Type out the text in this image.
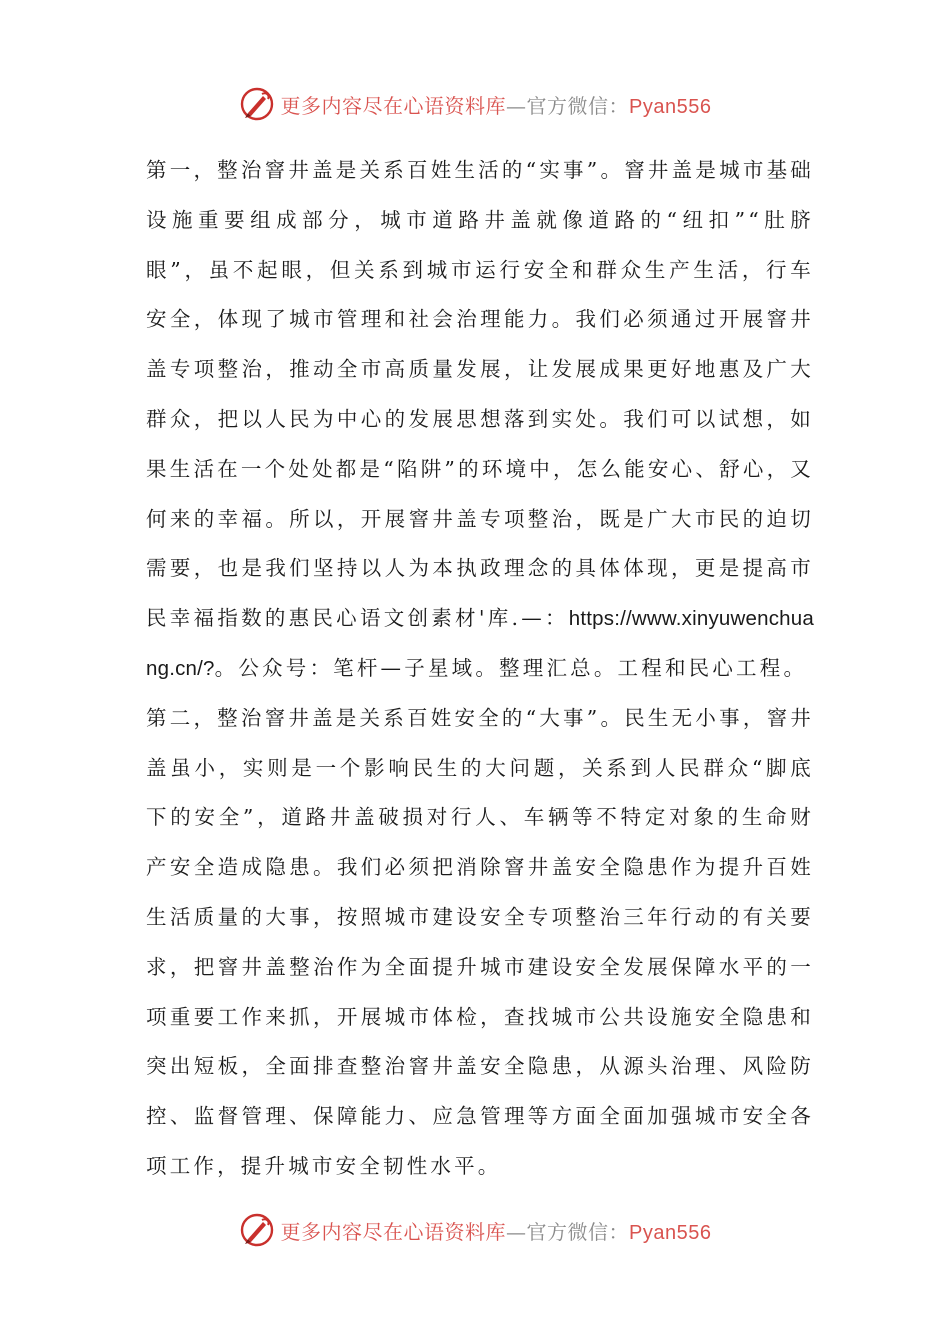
更多内容尽在心语资料库—官方微信：Pyan556

第一，整治窨井盖是关系百姓生活的“实事”。窨井盖是城市基础设施重要组成部分，城市道路井盖就像道路的“纽扣”“肚脐眼”，虽不起眼，但关系到城市运行安全和群众生产生活，行车安全，体现了城市管理和社会治理能力。我们必须通过开展窨井盖专项整治，推动全市高质量发展，让发展成果更好地惠及广大群众，把以人民为中心的发展思想落到实处。我们可以试想，如果生活在一个处处都是“陷阱”的环境中，怎么能安心、舒心，又何来的幸福。所以，开展窨井盖专项整治，既是广大市民的迫切需要，也是我们坚持以人为本执政理念的具体体现，更是提高市民幸福指数的惠民心语文创素材'库.—：https://www.xinyuwenchuang.cn/?。公众号：笔杆—子星域。整理汇总。工程和民心工程。

第二，整治窨井盖是关系百姓安全的“大事”。民生无小事，窨井盖虽小，实则是一个影响民生的大问题，关系到人民群众“脚底下的安全”，道路井盖破损对行人、车辆等不特定对象的生命财产安全造成隐患。我们必须把消除窨井盖安全隐患作为提升百姓生活质量的大事，按照城市建设安全专项整治三年行动的有关要求，把窨井盖整治作为全面提升城市建设安全发展保障水平的一项重要工作来抓，开展城市体检，查找城市公共设施安全隐患和突出短板，全面排查整治窨井盖安全隐患，从源头治理、风险防控、监督管理、保障能力、应急管理等方面全面加强城市安全各项工作，提升城市安全韧性水平。

更多内容尽在心语资料库—官方微信：Pyan556
